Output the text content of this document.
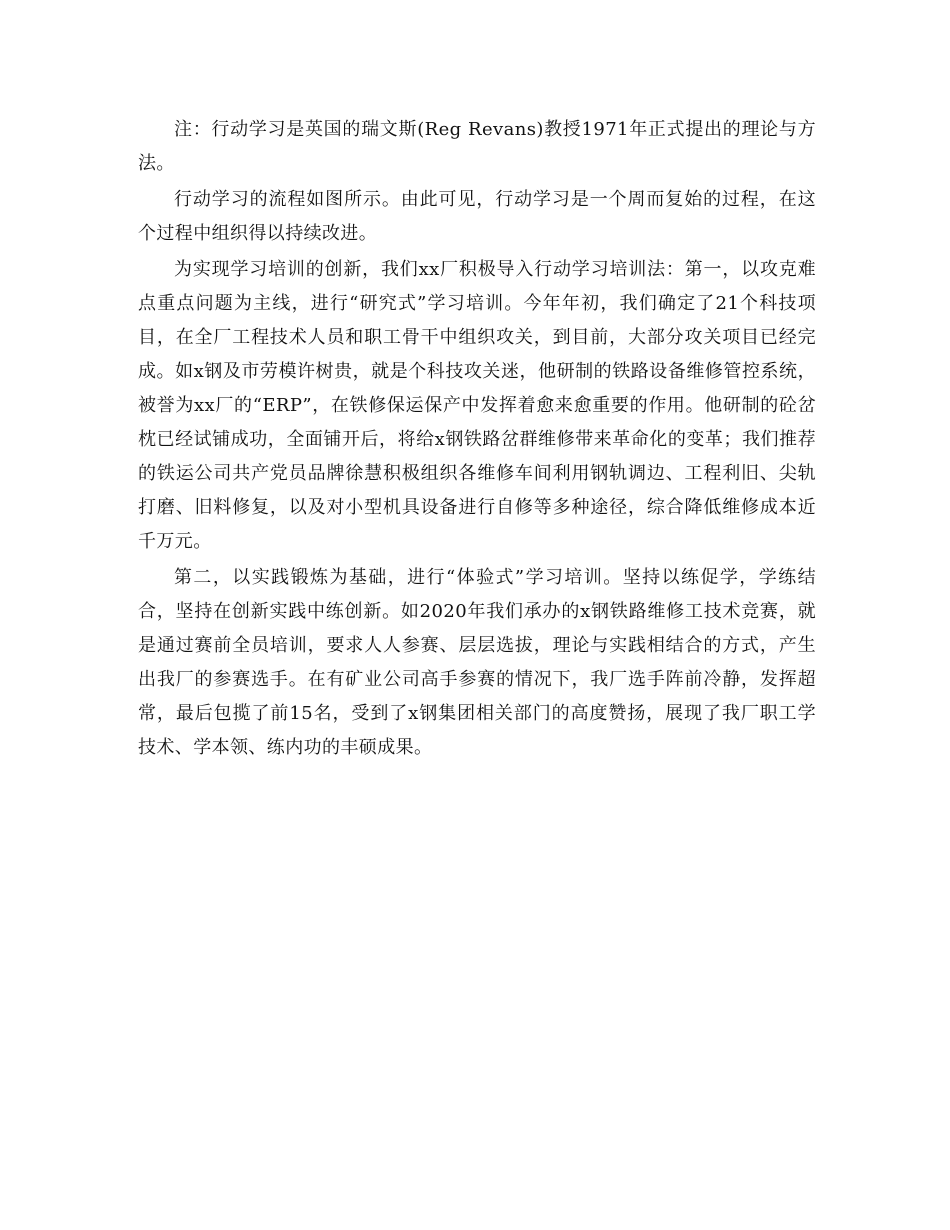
注：行动学习是英国的瑞文斯(Reg Revans)教授1971年正式提出的理论与方法。

行动学习的流程如图所示。由此可见，行动学习是一个周而复始的过程，在这个过程中组织得以持续改进。

为实现学习培训的创新，我们xx厂积极导入行动学习培训法：第一，以攻克难点重点问题为主线，进行“研究式”学习培训。今年年初，我们确定了21个科技项目，在全厂工程技术人员和职工骨干中组织攻关，到目前，大部分攻关项目已经完成。如x钢及市劳模许树贵，就是个科技攻关迷，他研制的铁路设备维修管控系统，被誉为xx厂的“ERP”，在铁修保运保产中发挥着愈来愈重要的作用。他研制的砼岔枕已经试铺成功，全面铺开后，将给x钢铁路岔群维修带来革命化的变革；我们推荐的铁运公司共产党员品牌徐慧积极组织各维修车间利用钢轨调边、工程利旧、尖轨打磨、旧料修复，以及对小型机具设备进行自修等多种途径，综合降低维修成本近千万元。

第二，以实践锻炼为基础，进行“体验式”学习培训。坚持以练促学，学练结合，坚持在创新实践中练创新。如2020年我们承办的x钢铁路维修工技术竞赛，就是通过赛前全员培训，要求人人参赛、层层选拔，理论与实践相结合的方式，产生出我厂的参赛选手。在有矿业公司高手参赛的情况下，我厂选手阵前冷静，发挥超常，最后包揽了前15名，受到了x钢集团相关部门的高度赞扬，展现了我厂职工学技术、学本领、练内功的丰硕成果。
